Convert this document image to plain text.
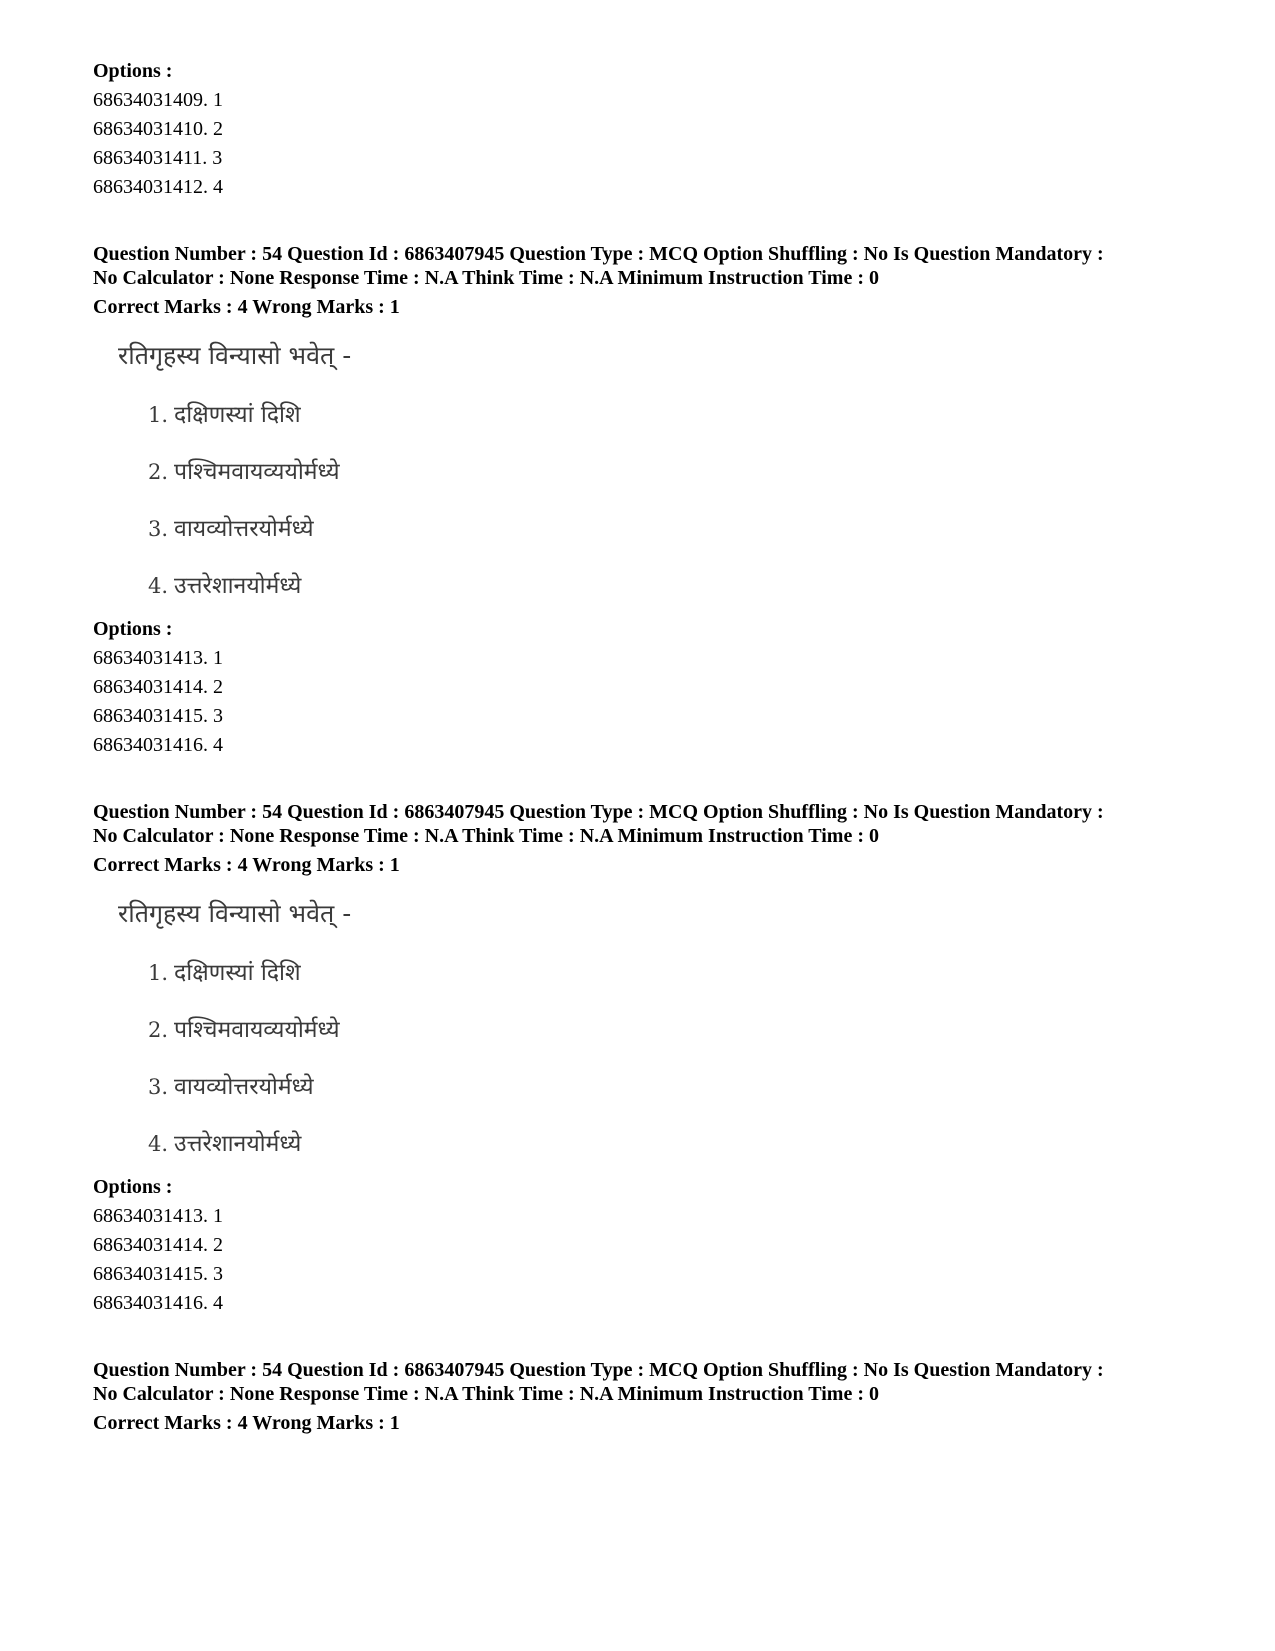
Options :
68634031409. 1
68634031410. 2
68634031411. 3
68634031412. 4
Question Number : 54 Question Id : 6863407945 Question Type : MCQ Option Shuffling : No Is Question Mandatory :
No Calculator : None Response Time : N.A Think Time : N.A Minimum Instruction Time : 0
Correct Marks : 4 Wrong Marks : 1
रतिगृहस्य विन्यासो भवेत् -
1. दक्षिणस्यां दिशि
2. पश्चिमवायव्ययोर्मध्ये
3. वायव्योत्तरयोर्मध्ये
4. उत्तरेशानयोर्मध्ये
Options :
68634031413. 1
68634031414. 2
68634031415. 3
68634031416. 4
Question Number : 54 Question Id : 6863407945 Question Type : MCQ Option Shuffling : No Is Question Mandatory :
No Calculator : None Response Time : N.A Think Time : N.A Minimum Instruction Time : 0
Correct Marks : 4 Wrong Marks : 1
रतिगृहस्य विन्यासो भवेत् -
1. दक्षिणस्यां दिशि
2. पश्चिमवायव्ययोर्मध्ये
3. वायव्योत्तरयोर्मध्ये
4. उत्तरेशानयोर्मध्ये
Options :
68634031413. 1
68634031414. 2
68634031415. 3
68634031416. 4
Question Number : 54 Question Id : 6863407945 Question Type : MCQ Option Shuffling : No Is Question Mandatory :
No Calculator : None Response Time : N.A Think Time : N.A Minimum Instruction Time : 0
Correct Marks : 4 Wrong Marks : 1
